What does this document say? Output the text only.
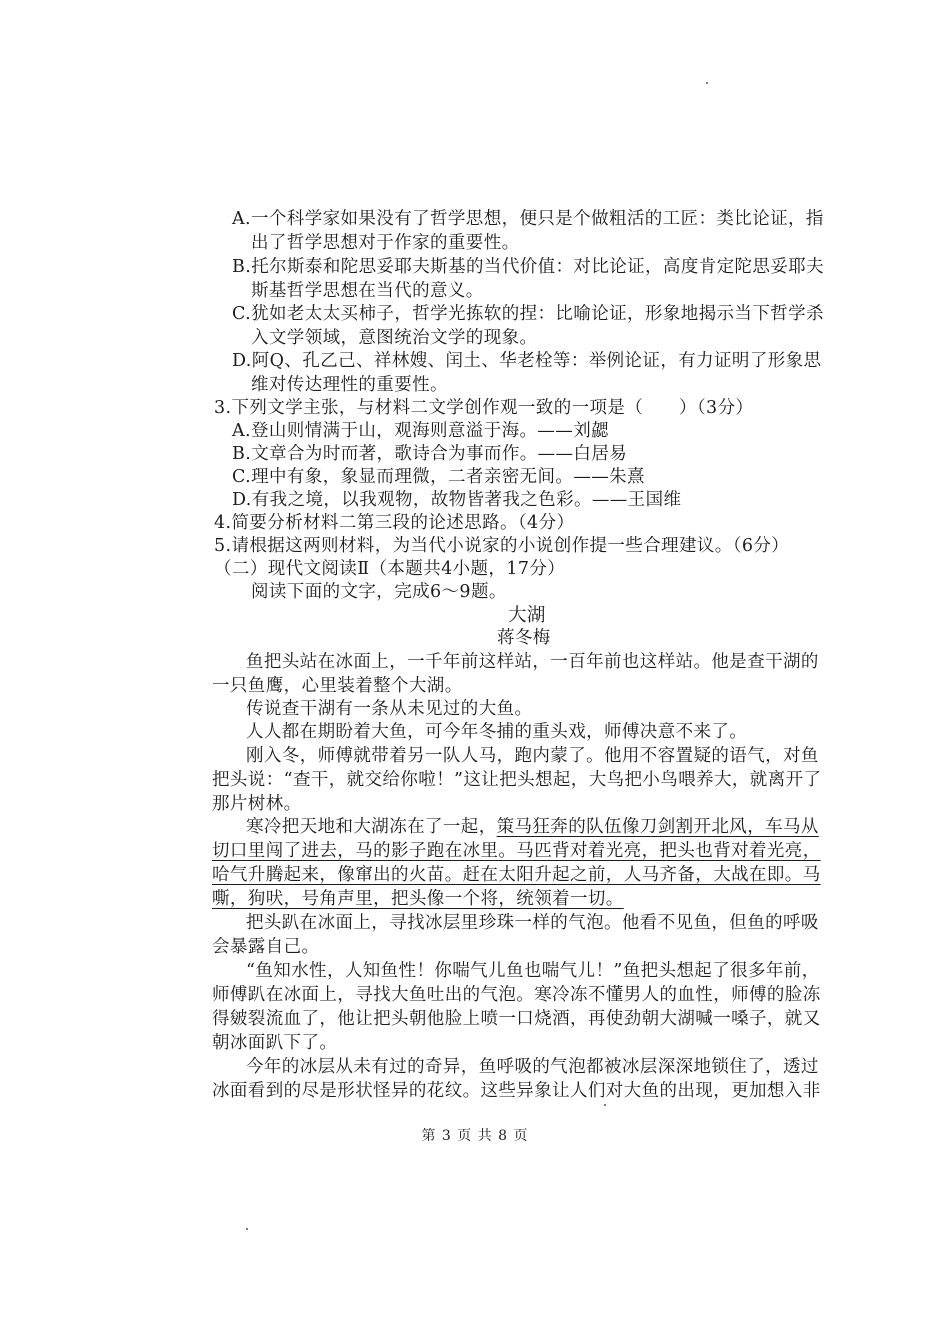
A.一个科学家如果没有了哲学思想，便只是个做粗活的工匠：类比论证，指
出了哲学思想对于作家的重要性。
B.托尔斯泰和陀思妥耶夫斯基的当代价值：对比论证，高度肯定陀思妥耶夫
斯基哲学思想在当代的意义。
C.犹如老太太买柿子，哲学光拣软的捏：比喻论证，形象地揭示当下哲学杀
入文学领域，意图统治文学的现象。
D.阿Q、孔乙己、祥林嫂、闰土、华老栓等：举例论证，有力证明了形象思
维对传达理性的重要性。
3.下列文学主张，与材料二文学创作观一致的一项是（　　）（3分）
A.登山则情满于山，观海则意溢于海。——刘勰
B.文章合为时而著，歌诗合为事而作。——白居易
C.理中有象，象显而理微，二者亲密无间。——朱熹
D.有我之境，以我观物，故物皆著我之色彩。——王国维
4.简要分析材料二第三段的论述思路。（4分）
5.请根据这两则材料，为当代小说家的小说创作提一些合理建议。（6分）
（二）现代文阅读Ⅱ（本题共4小题，17分）
阅读下面的文字，完成6～9题。
大湖
蒋冬梅
鱼把头站在冰面上，一千年前这样站，一百年前也这样站。他是查干湖的
一只鱼鹰，心里装着整个大湖。
传说查干湖有一条从未见过的大鱼。
人人都在期盼着大鱼，可今年冬捕的重头戏，师傅决意不来了。
刚入冬，师傅就带着另一队人马，跑内蒙了。他用不容置疑的语气，对鱼
把头说：“查干，就交给你啦！”这让把头想起，大鸟把小鸟喂养大，就离开了
那片树林。
寒冷把天地和大湖冻在了一起，策马狂奔的队伍像刀剑割开北风，车马从
切口里闯了进去，马的影子跑在冰里。马匹背对着光亮，把头也背对着光亮，
哈气升腾起来，像窜出的火苗。赶在太阳升起之前，人马齐备，大战在即。马
嘶，狗吠，号角声里，把头像一个将，统领着一切。
把头趴在冰面上，寻找冰层里珍珠一样的气泡。他看不见鱼，但鱼的呼吸
会暴露自己。
“鱼知水性，人知鱼性！你喘气儿鱼也喘气儿！”鱼把头想起了很多年前，
师傅趴在冰面上，寻找大鱼吐出的气泡。寒冷冻不懂男人的血性，师傅的脸冻
得皴裂流血了，他让把头朝他脸上喷一口烧酒，再使劲朝大湖喊一嗓子，就又
朝冰面趴下了。
今年的冰层从未有过的奇异，鱼呼吸的气泡都被冰层深深地锁住了，透过
冰面看到的尽是形状怪异的花纹。这些异象让人们对大鱼的出现，更加想入非
第 3 页 共 8 页
